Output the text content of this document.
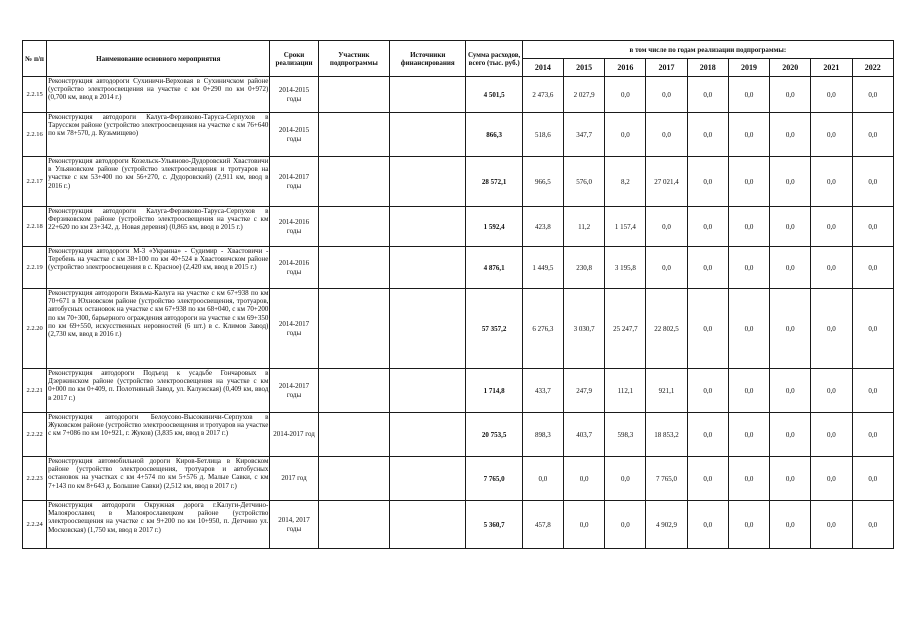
№ п/п	Наименование основного мероприятия	Сроки реализации	Участник подпрограммы	Источники финансирования	Сумма расходов, всего (тыс. руб.)	в том числе по годам реализации подпрограммы:								
						2014	2015	2016	2017	2018	2019	2020	2021	2022
2.2.15	Реконструкция автодороги Сухиничи-Верховая в Сухиничском районе (устройство электроосвещения на участке с км 0+290 по км 0+972) (0,700 км, ввод в 2014 г.)	2014-2015 годы			4 501,5	2 473,6	2 027,9	0,0	0,0	0,0	0,0	0,0	0,0	0,0
2.2.16	Реконструкция автодороги Калуга-Ферзиково-Таруса-Серпухов в Тарусском районе (устройство электроосвещения на участке с км 76+640 по км 78+570, д. Кузьмищево)	2014-2015 годы			866,3	518,6	347,7	0,0	0,0	0,0	0,0	0,0	0,0	0,0
2.2.17	Реконструкция автодороги Козельск-Ульяново-Дудоровский Хвастовичи в Ульяновском районе (устройство электроосвещения и тротуаров на участке с км 53+400 по км 56+270, с. Дудоровский) (2,911 км, ввод в 2016 г.)	2014-2017 годы			28 572,1	966,5	576,0	8,2	27 021,4	0,0	0,0	0,0	0,0	0,0
2.2.18	Реконструкция автодороги Калуга-Ферзиково-Таруса-Серпухов в Ферзиковском районе (устройство электроосвещения на участке с км 22+620 по км 23+342, д. Новая деревня) (0,865 км, ввод в 2015 г.)	2014-2016 годы			1 592,4	423,8	11,2	1 157,4	0,0	0,0	0,0	0,0	0,0	0,0
2.2.19	Реконструкция автодороги М-3 «Украина» - Судимир - Хвастовичи - Теребень на участке с км 38+100 по км 40+524 в Хвастовичском районе (устройство электроосвещения в с. Красное) (2,420 км, ввод в 2015 г.)	2014-2016 годы			4 876,1	1 449,5	230,8	3 195,8	0,0	0,0	0,0	0,0	0,0	0,0
2.2.20	Реконструкция автодороги Вязьма-Калуга на участке с км 67+938 по км 70+671 в Юхновском районе (устройство электроосвещения, тротуаров, автобусных остановок на участке с км 67+938 по км 68+040, с км 70+200 по км 70+300, барьерного ограждения автодороги на участке с км 69+350 по км 69+550, искусственных неровностей (6 шт.) в с. Климов Завод) (2,730 км, ввод в 2016 г.)	2014-2017 годы			57 357,2	6 276,3	3 030,7	25 247,7	22 802,5	0,0	0,0	0,0	0,0	0,0
2.2.21	Реконструкция автодороги Подъезд к усадьбе Гончаровых в Дзержинском районе (устройство электроосвещения на участке с км 0+000 по км 0+409, п. Полотняный Завод, ул. Калужская) (0,409 км, ввод в 2017 г.)	2014-2017 годы			1 714,8	433,7	247,9	112,1	921,1	0,0	0,0	0,0	0,0	0,0
2.2.22	Реконструкция автодороги Белоусово-Высокиничи-Серпухов в Жуковском районе (устройство электроосвещения и тротуаров на участке с км 7+086 по км 10+921, г. Жуков) (3,835 км, ввод в 2017 г.)	2014-2017 год			20 753,5	898,3	403,7	598,3	18 853,2	0,0	0,0	0,0	0,0	0,0
2.2.23	Реконструкция автомобильной дороги Киров-Бетлица в Кировском районе (устройство электроосвещения, тротуаров и автобусных остановок на участках с км 4+574 по км 5+576 д. Малые Савки, с км 7+143 по км 8+643 д. Большие Савки) (2,512 км, ввод в 2017 г.)	2017 год			7 765,0	0,0	0,0	0,0	7 765,0	0,0	0,0	0,0	0,0	0,0
2.2.24	Реконструкция автодороги Окружная дорога г.Калуги-Детчино-Малоярославец в Малоярославецком районе (устройство электроосвещения на участке с км 9+200 по км 10+950, п. Детчино ул. Московская) (1,750 км, ввод в 2017 г.)	2014, 2017 годы			5 360,7	457,8	0,0	0,0	4 902,9	0,0	0,0	0,0	0,0	0,0
